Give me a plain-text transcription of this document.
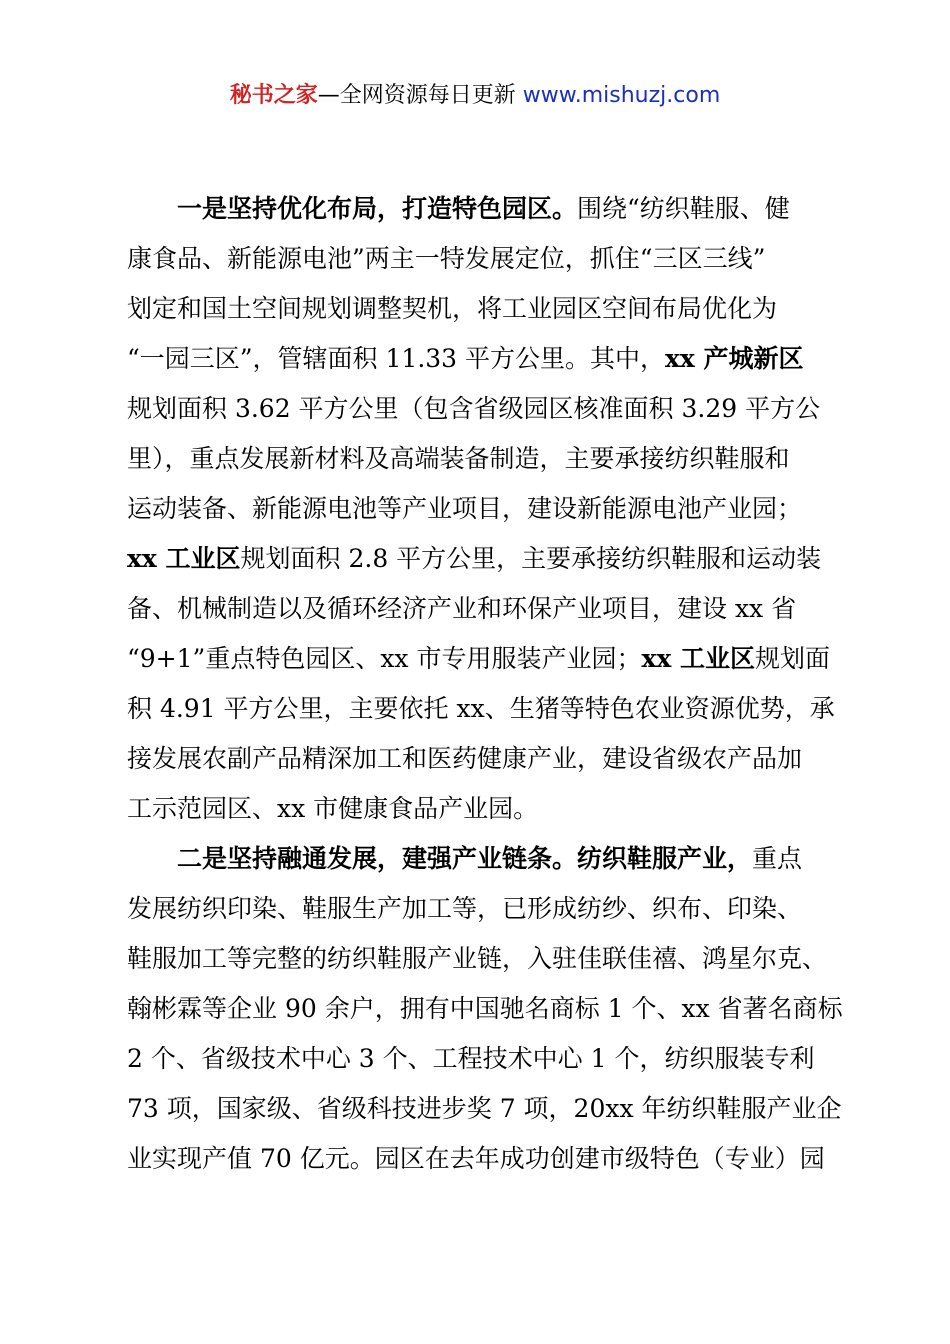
秘书之家—全网资源每日更新 www.mishuzj.com
一是坚持优化布局，打造特色园区。围绕“纺织鞋服、健
康食品、新能源电池”两主一特发展定位，抓住“三区三线”
划定和国土空间规划调整契机，将工业园区空间布局优化为
“一园三区”，管辖面积 11.33 平方公里。其中，xx 产城新区
规划面积 3.62 平方公里（包含省级园区核准面积 3.29 平方公
里），重点发展新材料及高端装备制造，主要承接纺织鞋服和
运动装备、新能源电池等产业项目，建设新能源电池产业园；
xx 工业区规划面积 2.8 平方公里，主要承接纺织鞋服和运动装
备、机械制造以及循环经济产业和环保产业项目，建设 xx 省
“9+1”重点特色园区、xx 市专用服装产业园；xx 工业区规划面
积 4.91 平方公里，主要依托 xx、生猪等特色农业资源优势，承
接发展农副产品精深加工和医药健康产业，建设省级农产品加
工示范园区、xx 市健康食品产业园。
二是坚持融通发展，建强产业链条。纺织鞋服产业，重点
发展纺织印染、鞋服生产加工等，已形成纺纱、织布、印染、
鞋服加工等完整的纺织鞋服产业链，入驻佳联佳禧、鸿星尔克、
翰彬霖等企业 90 余户，拥有中国驰名商标 1 个、xx 省著名商标
2 个、省级技术中心 3 个、工程技术中心 1 个，纺织服装专利
73 项，国家级、省级科技进步奖 7 项，20xx 年纺织鞋服产业企
业实现产值 70 亿元。园区在去年成功创建市级特色（专业）园
